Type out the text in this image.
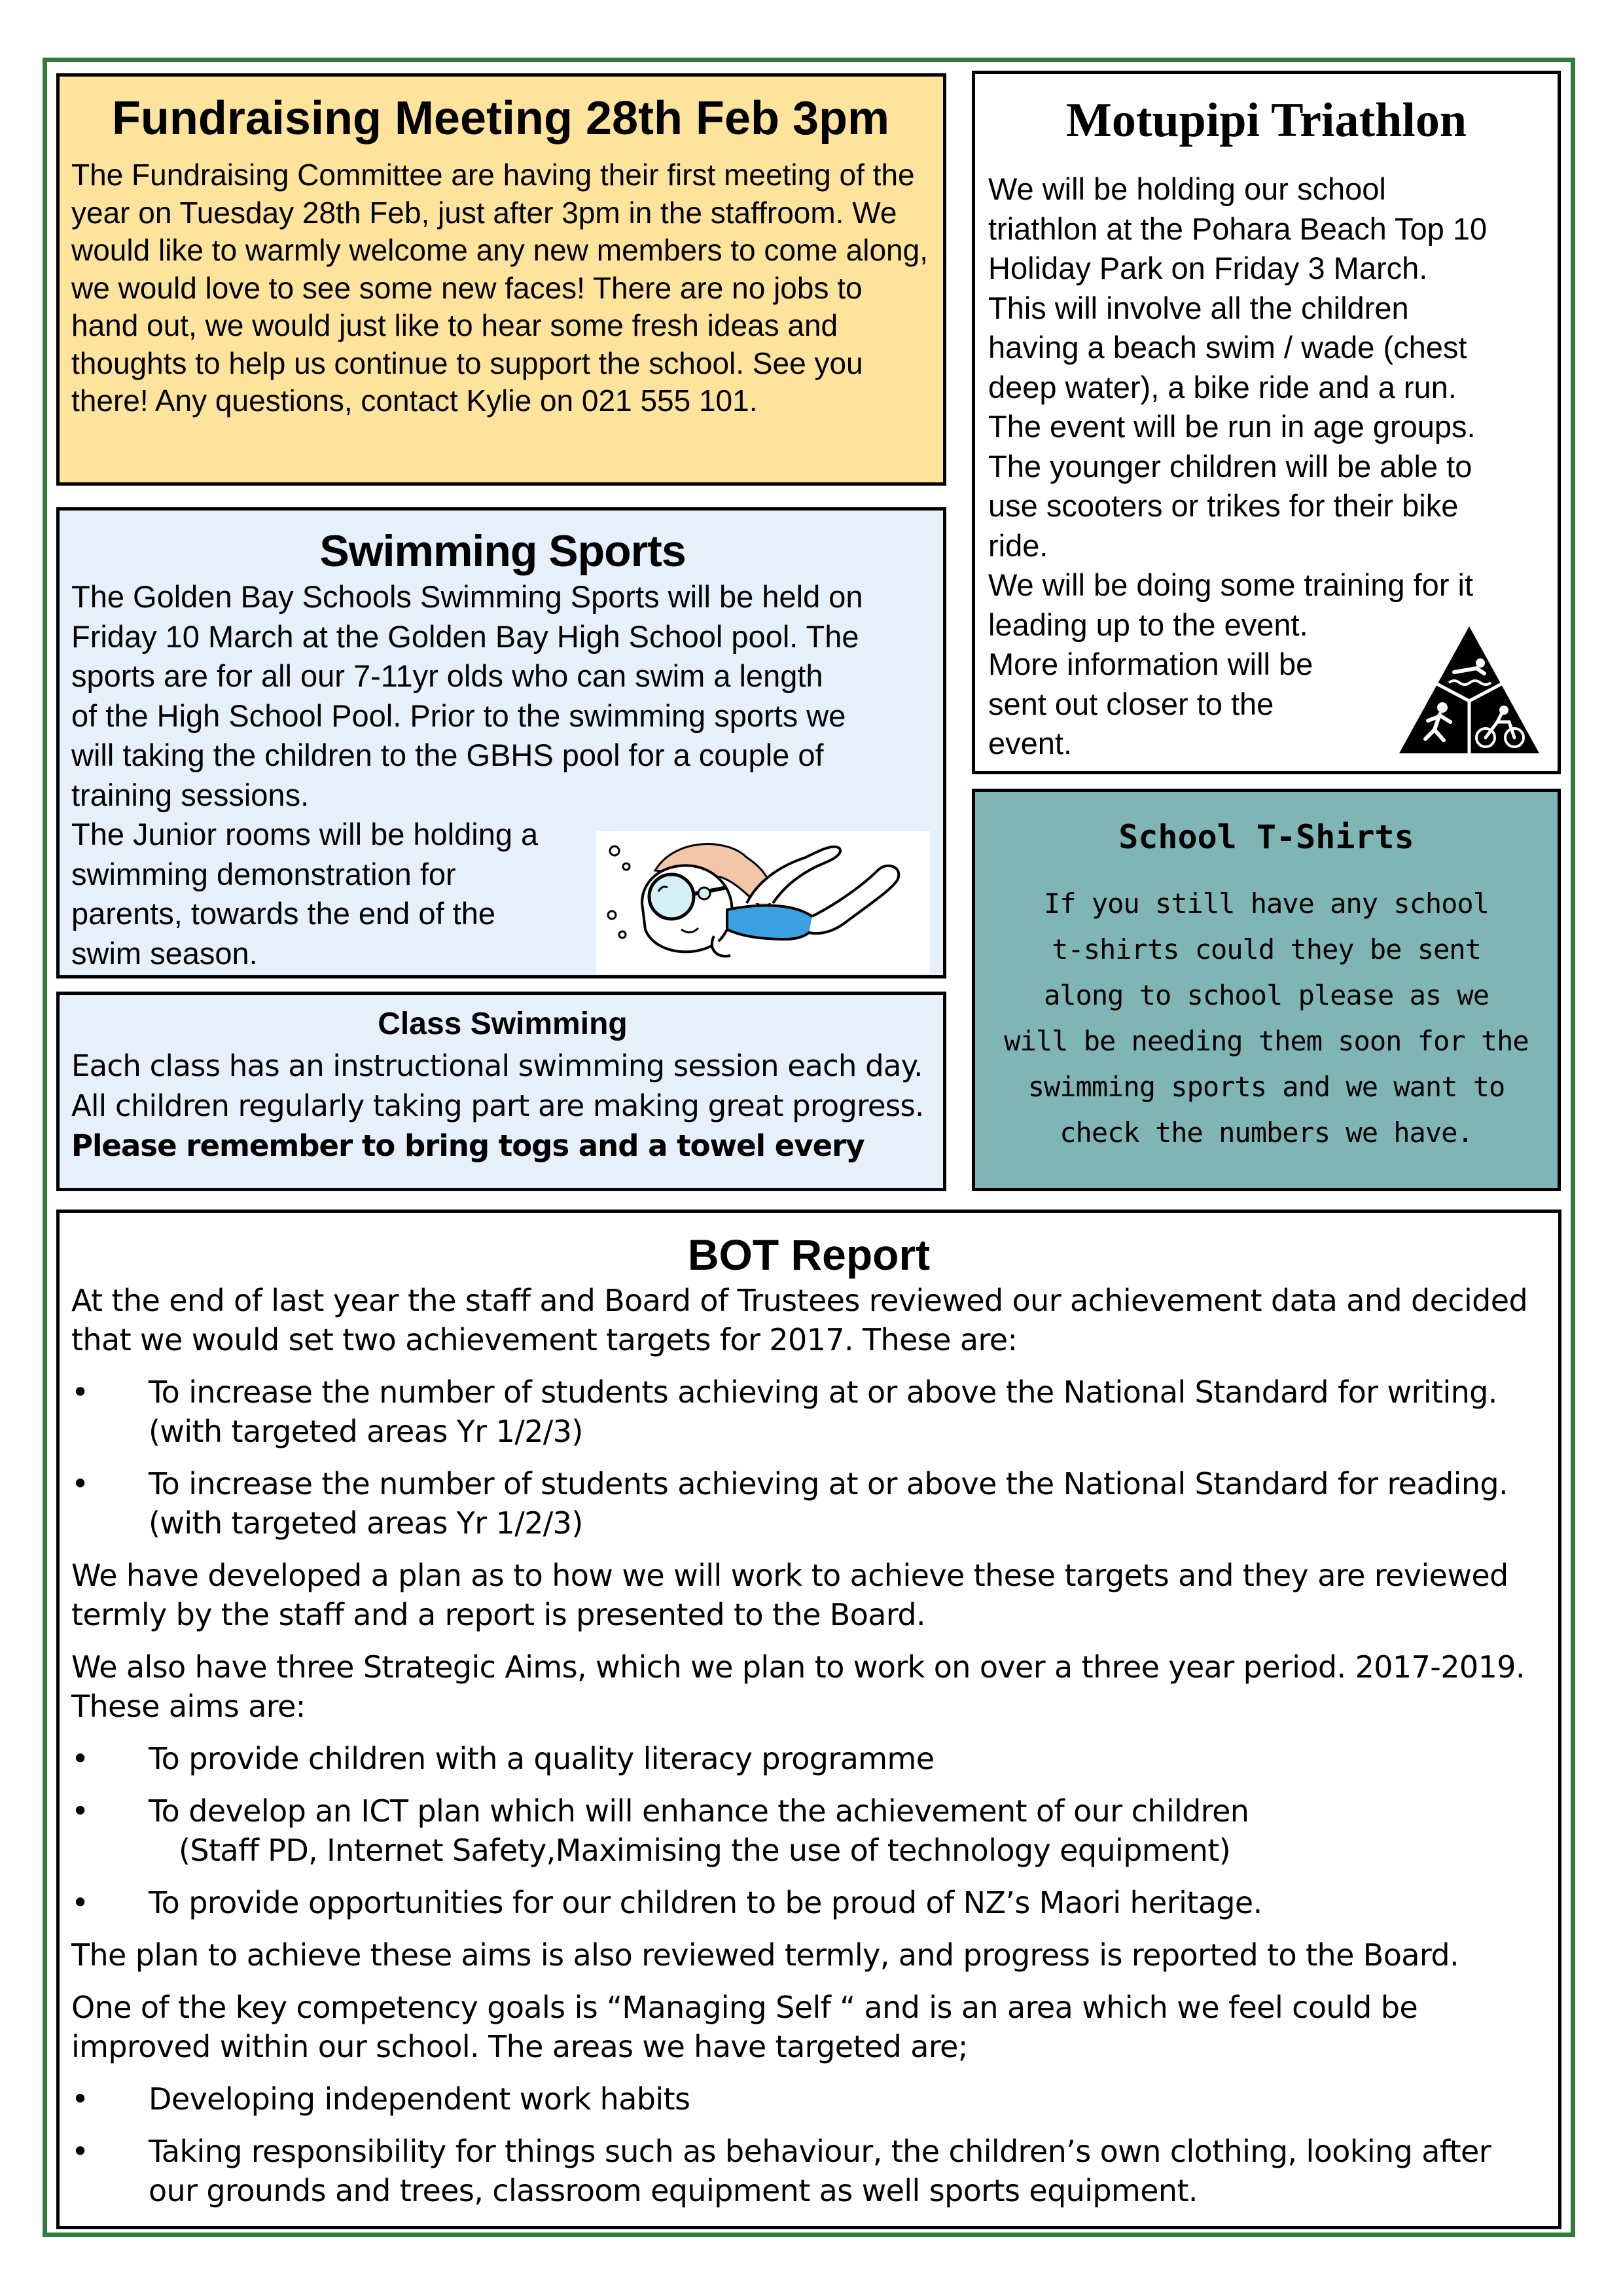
Fundraising Meeting 28th Feb 3pm

The Fundraising Committee are having their first meeting of the year on Tuesday 28th Feb, just after 3pm in the staffroom. We would like to warmly welcome any new members to come along, we would love to see some new faces! There are no jobs to hand out, we would just like to hear some fresh ideas and thoughts to help us continue to support the school. See you there! Any questions, contact Kylie on 021 555 101.

Motupipi Triathlon

We will be holding our school
triathlon at the Pohara Beach Top 10
Holiday Park on Friday 3 March.
This will involve all the children
having a beach swim / wade (chest
deep water), a bike ride and a run.
The event will be run in age groups.
The younger children will be able to
use scooters or trikes for their bike
ride.
We will be doing some training for it
leading up to the event.
More information will be
sent out closer to the
event.

Swimming Sports

The Golden Bay Schools Swimming Sports will be held on
Friday 10 March at the Golden Bay High School pool. The
sports are for all our 7-11yr olds who can swim a length
of the High School Pool. Prior to the swimming sports we
will taking the children to the GBHS pool for a couple of
training sessions.
The Junior rooms will be holding a
swimming demonstration for
parents, towards the end of the
swim season.

Class Swimming

Each class has an instructional swimming session each day.

All children regularly taking part are making great progress.

Please remember to bring togs and a towel every

School T-Shirts

If you still have any school
t-shirts could they be sent
along to school please as we
will be needing them soon for the
swimming sports and we want to
check the numbers we have.

BOT Report

At the end of last year the staff and Board of Trustees reviewed our achievement data and decided that we would set two achievement targets for 2017. These are:

• To increase the number of students achieving at or above the National Standard for writing. (with targeted areas Yr 1/2/3)
• To increase the number of students achieving at or above the National Standard for reading. (with targeted areas Yr 1/2/3)

We have developed a plan as to how we will work to achieve these targets and they are reviewed termly by the staff and a report is presented to the Board.

We also have three Strategic Aims, which we plan to work on over a three year period. 2017-2019. These aims are:

• To provide children with a quality literacy programme
• To develop an ICT plan which will enhance the achievement of our children
(Staff PD, Internet Safety,Maximising the use of technology equipment)
• To provide opportunities for our children to be proud of NZ’s Maori heritage.

The plan to achieve these aims is also reviewed termly, and progress is reported to the Board.

One of the key competency goals is “Managing Self “ and is an area which we feel could be improved within our school. The areas we have targeted are;

• Developing independent work habits
• Taking responsibility for things such as behaviour, the children’s own clothing, looking after our grounds and trees, classroom equipment as well sports equipment.
